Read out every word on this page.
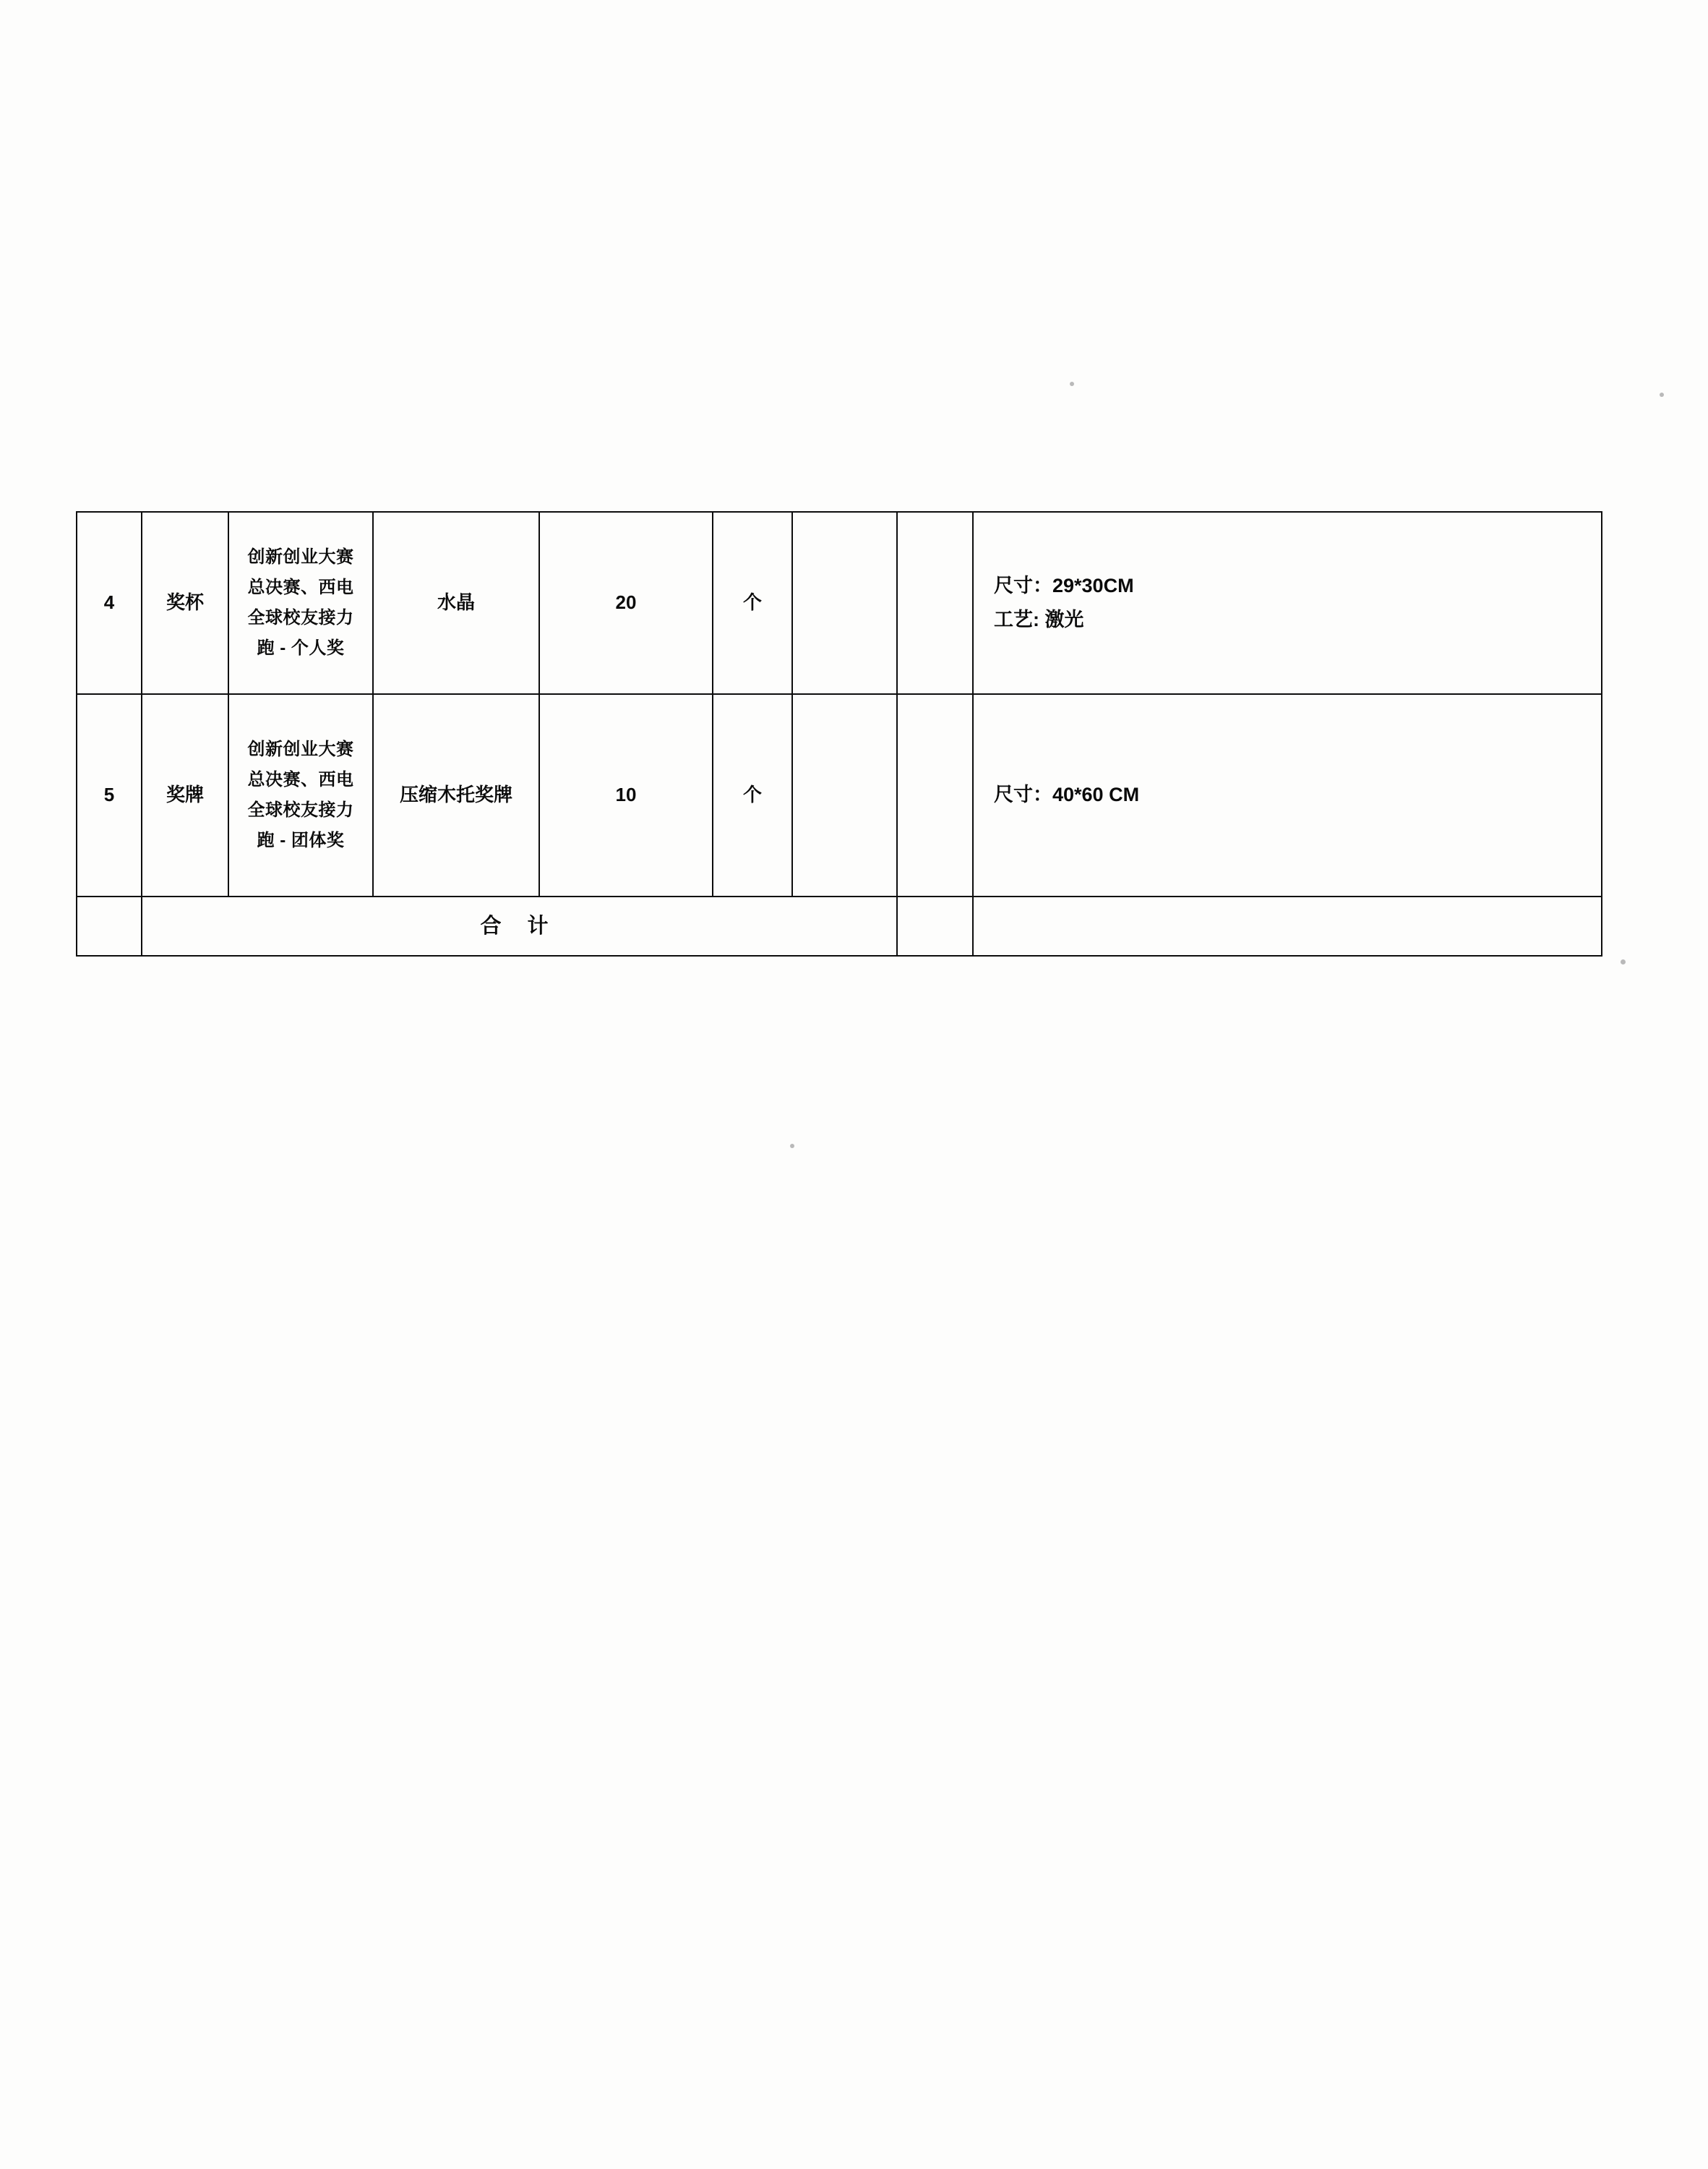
4	奖杯	创新创业大赛
总决赛、西电
全球校友接力
跑 - 个人奖	水晶	20	个			尺寸：29*30CM
工艺: 激光

5	奖牌	创新创业大赛
总决赛、西电
全球校友接力
跑 - 团体奖	压缩木托奖牌	10	个			尺寸：40*60 CM

	合 计							
